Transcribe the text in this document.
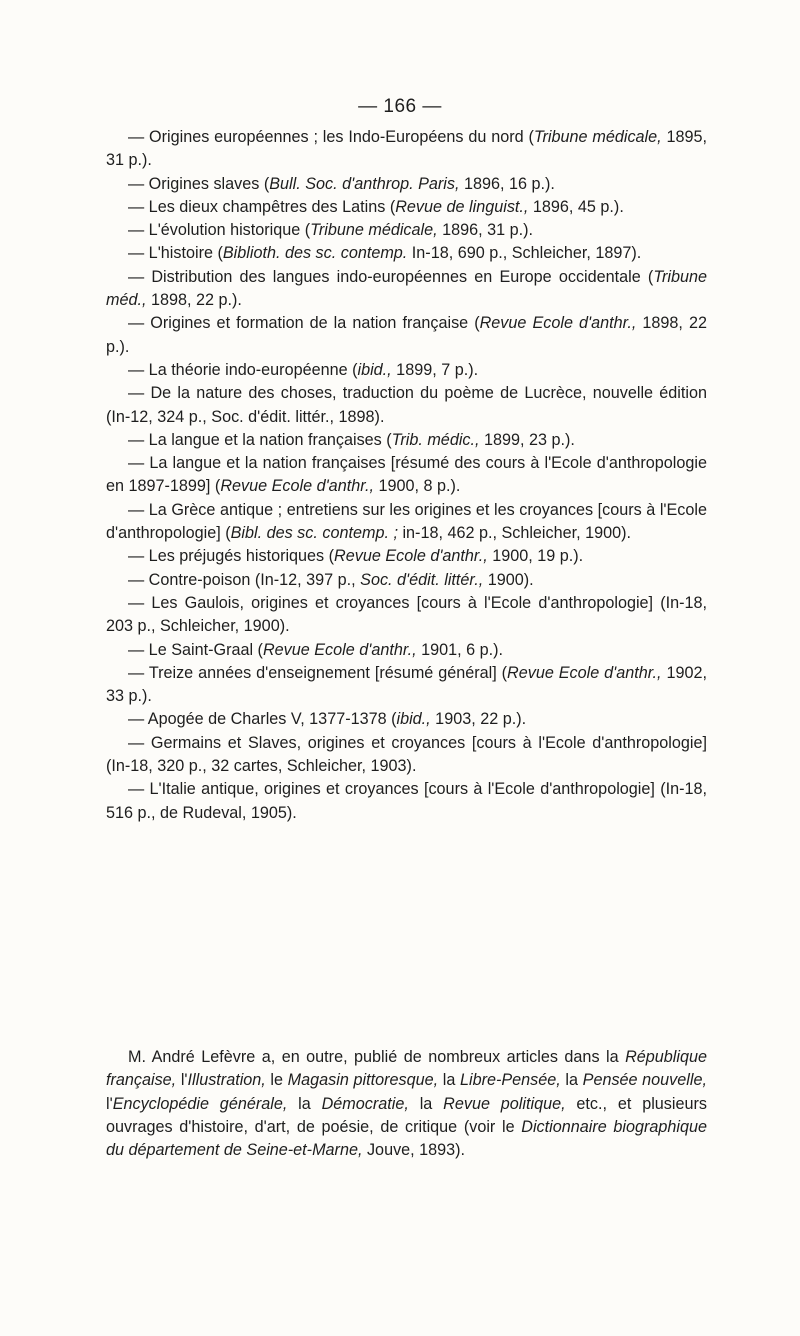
— 166 —

— Origines européennes ; les Indo-Européens du nord (Tribune médicale, 1895, 31 p.).

— Origines slaves (Bull. Soc. d'anthrop. Paris, 1896, 16 p.).

— Les dieux champêtres des Latins (Revue de linguist., 1896, 45 p.).

— L'évolution historique (Tribune médicale, 1896, 31 p.).

— L'histoire (Biblioth. des sc. contemp. In-18, 690 p., Schleicher, 1897).

— Distribution des langues indo-européennes en Europe occidentale (Tribune méd., 1898, 22 p.).

— Origines et formation de la nation française (Revue Ecole d'anthr., 1898, 22 p.).

— La théorie indo-européenne (ibid., 1899, 7 p.).

— De la nature des choses, traduction du poème de Lucrèce, nouvelle édition (In-12, 324 p., Soc. d'édit. littér., 1898).

— La langue et la nation françaises (Trib. médic., 1899, 23 p.).

— La langue et la nation françaises [résumé des cours à l'Ecole d'anthropologie en 1897-1899] (Revue Ecole d'anthr., 1900, 8 p.).

— La Grèce antique ; entretiens sur les origines et les croyances [cours à l'Ecole d'anthropologie] (Bibl. des sc. contemp. ; in-18, 462 p., Schleicher, 1900).

— Les préjugés historiques (Revue Ecole d'anthr., 1900, 19 p.).

— Contre-poison (In-12, 397 p., Soc. d'édit. littér., 1900).

— Les Gaulois, origines et croyances [cours à l'Ecole d'anthropologie] (In-18, 203 p., Schleicher, 1900).

— Le Saint-Graal (Revue Ecole d'anthr., 1901, 6 p.).

— Treize années d'enseignement [résumé général] (Revue Ecole d'anthr., 1902, 33 p.).

— Apogée de Charles V, 1377-1378 (ibid., 1903, 22 p.).

— Germains et Slaves, origines et croyances [cours à l'Ecole d'anthropologie] (In-18, 320 p., 32 cartes, Schleicher, 1903).

— L'Italie antique, origines et croyances [cours à l'Ecole d'anthropologie] (In-18, 516 p., de Rudeval, 1905).

M. André Lefèvre a, en outre, publié de nombreux articles dans la République française, l'Illustration, le Magasin pittoresque, la Libre-Pensée, la Pensée nouvelle, l'Encyclopédie générale, la Démocratie, la Revue politique, etc., et plusieurs ouvrages d'histoire, d'art, de poésie, de critique (voir le Dictionnaire biographique du département de Seine-et-Marne, Jouve, 1893).
